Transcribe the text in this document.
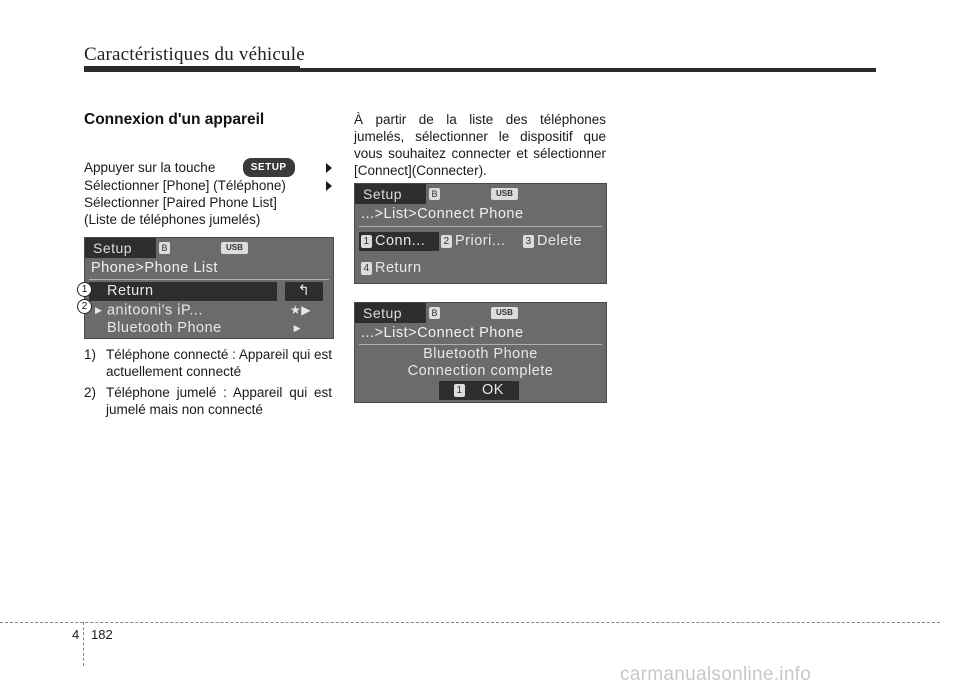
Caractéristiques du véhicule
Connexion d'un appareil
Appuyer sur la touche	SETUP
Sélectionner [Phone] (Téléphone)
Sélectionner [Paired Phone List]
(Liste de téléphones jumelés)
Setup	B	USB
Phone>Phone List
Return	↰
▶ anitooni's iP...	★▶
Bluetooth Phone	▶
1
2
1) Téléphone connecté : Appareil qui est actuellement connecté
2) Téléphone jumelé : Appareil qui est jumelé mais non connecté
À partir de la liste des téléphones jumelés, sélectionner le dispositif que vous souhaitez connecter et sélectionner [Connect](Connecter).
Setup	B	USB
...>List>Connect Phone
1 Conn...	2 Priori...	3 Delete
4 Return
Setup	B	USB
...>List>Connect Phone
Bluetooth Phone
Connection complete
1 OK
4 182
carmanualsonline.info
